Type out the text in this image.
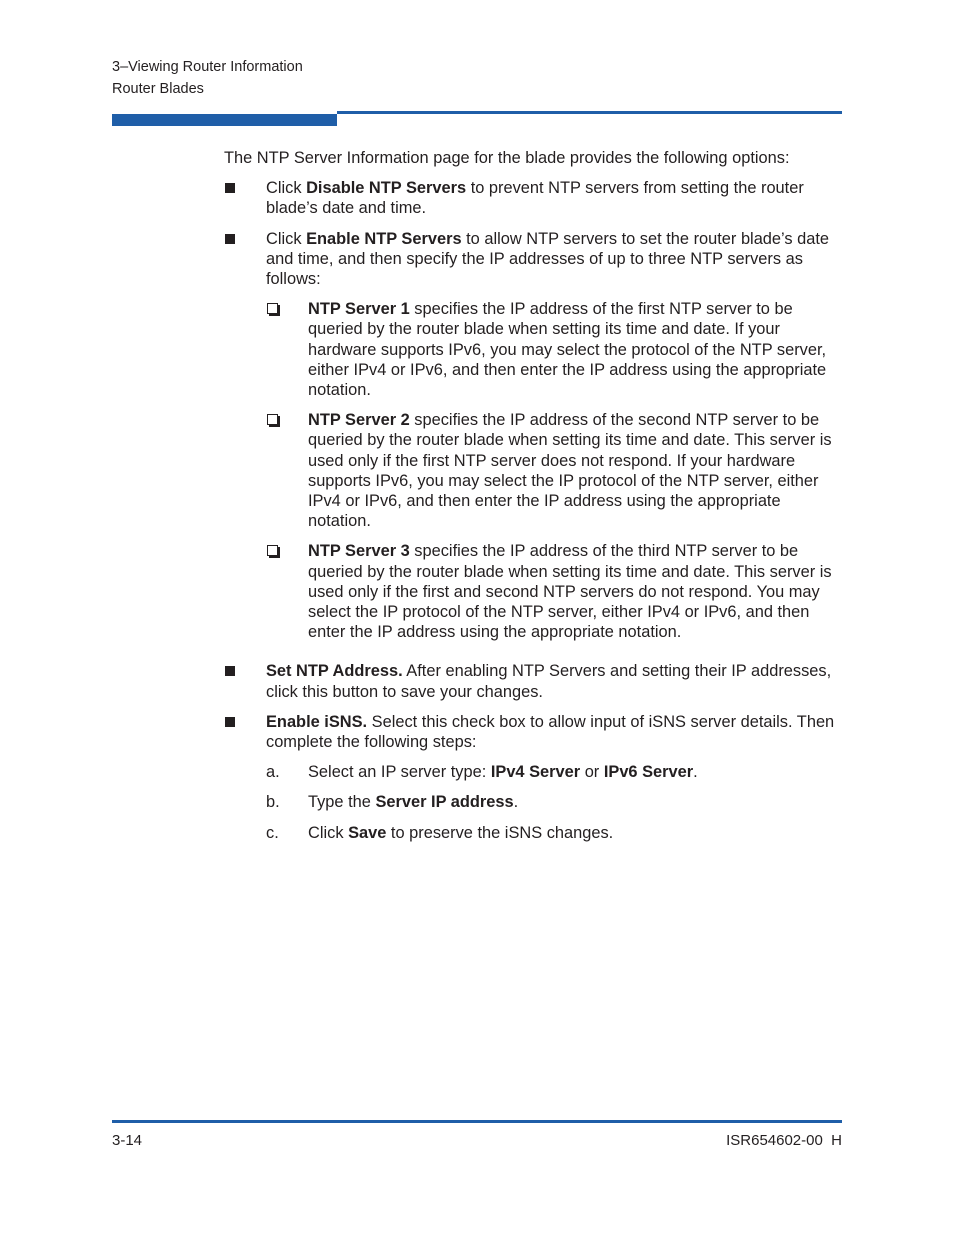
3–Viewing Router Information
Router Blades

The NTP Server Information page for the blade provides the following options:

Click Disable NTP Servers to prevent NTP servers from setting the router blade’s date and time.
Click Enable NTP Servers to allow NTP servers to set the router blade’s date and time, and then specify the IP addresses of up to three NTP servers as follows:
NTP Server 1 specifies the IP address of the first NTP server to be queried by the router blade when setting its time and date. If your hardware supports IPv6, you may select the protocol of the NTP server, either IPv4 or IPv6, and then enter the IP address using the appropriate notation.
NTP Server 2 specifies the IP address of the second NTP server to be queried by the router blade when setting its time and date. This server is used only if the first NTP server does not respond. If your hardware supports IPv6, you may select the IP protocol of the NTP server, either IPv4 or IPv6, and then enter the IP address using the appropriate notation.
NTP Server 3 specifies the IP address of the third NTP server to be queried by the router blade when setting its time and date. This server is used only if the first and second NTP servers do not respond. You may select the IP protocol of the NTP server, either IPv4 or IPv6, and then enter the IP address using the appropriate notation.
Set NTP Address. After enabling NTP Servers and setting their IP addresses, click this button to save your changes.
Enable iSNS. Select this check box to allow input of iSNS server details. Then complete the following steps:
a. Select an IP server type: IPv4 Server or IPv6 Server.
b. Type the Server IP address.
c. Click Save to preserve the iSNS changes.
3-14	ISR654602-00  H
